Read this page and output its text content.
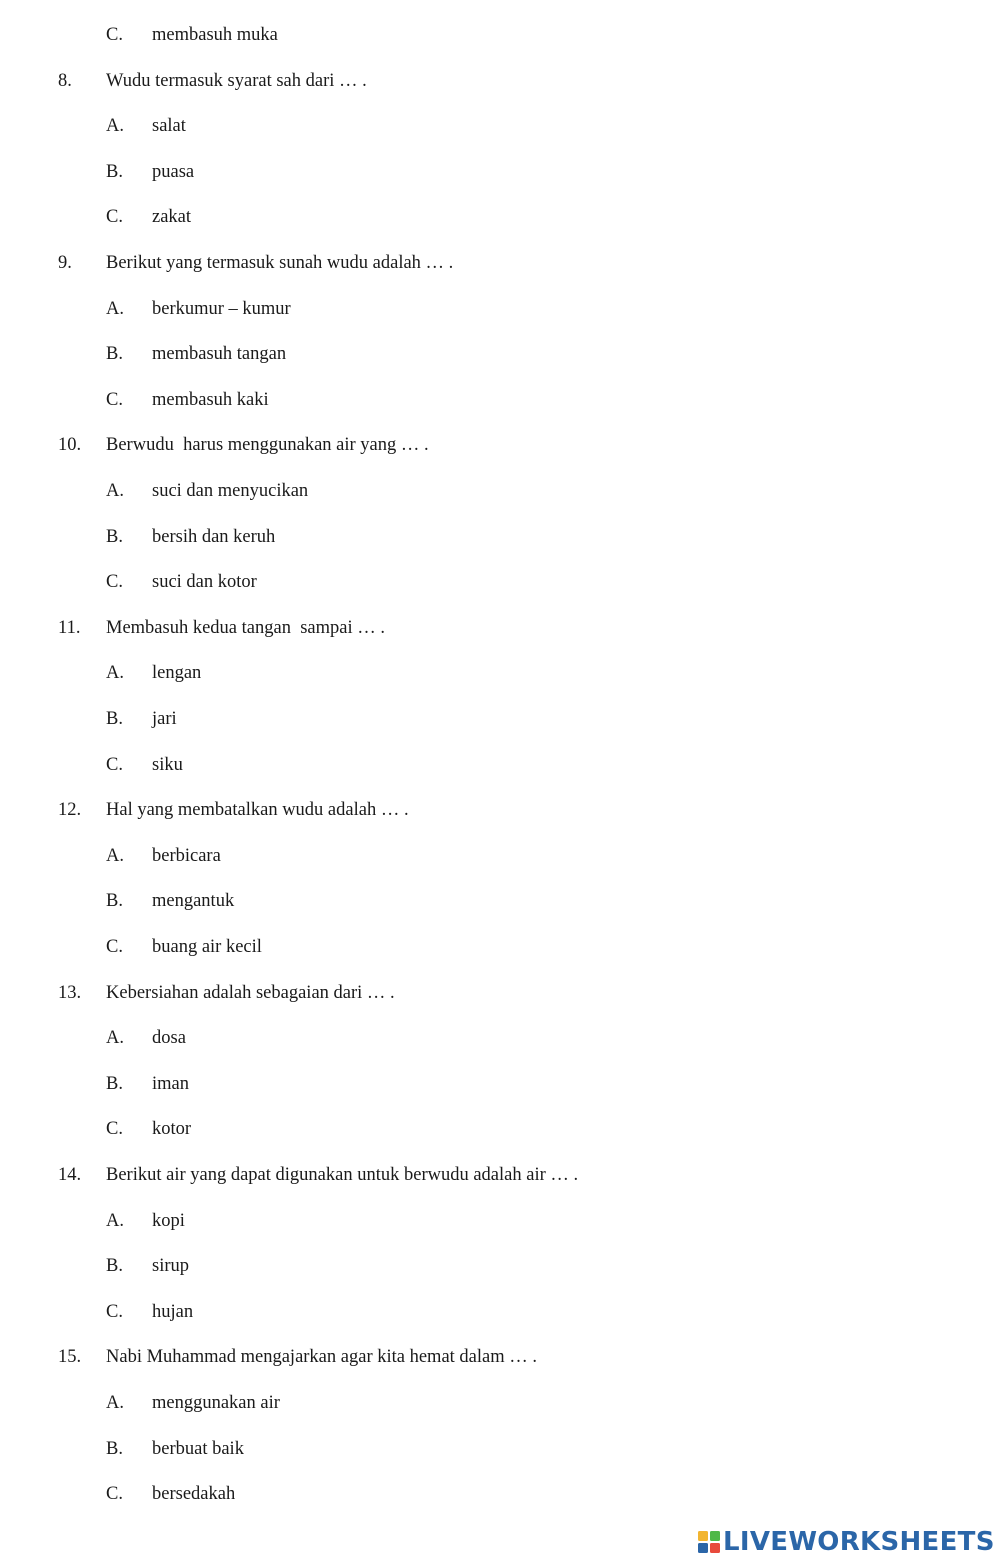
C. membasuh muka
8. Wudu termasuk syarat sah dari … .
A. salat
B. puasa
C. zakat
9. Berikut yang termasuk sunah wudu adalah … .
A. berkumur – kumur
B. membasuh tangan
C. membasuh kaki
10. Berwudu  harus menggunakan air yang … .
A. suci dan menyucikan
B. bersih dan keruh
C. suci dan kotor
11. Membasuh kedua tangan  sampai … .
A. lengan
B. jari
C. siku
12. Hal yang membatalkan wudu adalah … .
A. berbicara
B. mengantuk
C. buang air kecil
13. Kebersiahan adalah sebagaian dari … .
A. dosa
B. iman
C. kotor
14. Berikut air yang dapat digunakan untuk berwudu adalah air … .
A. kopi
B. sirup
C. hujan
15. Nabi Muhammad mengajarkan agar kita hemat dalam … .
A. menggunakan air
B. berbuat baik
C. bersedakah
LIVEWORKSHEETS
